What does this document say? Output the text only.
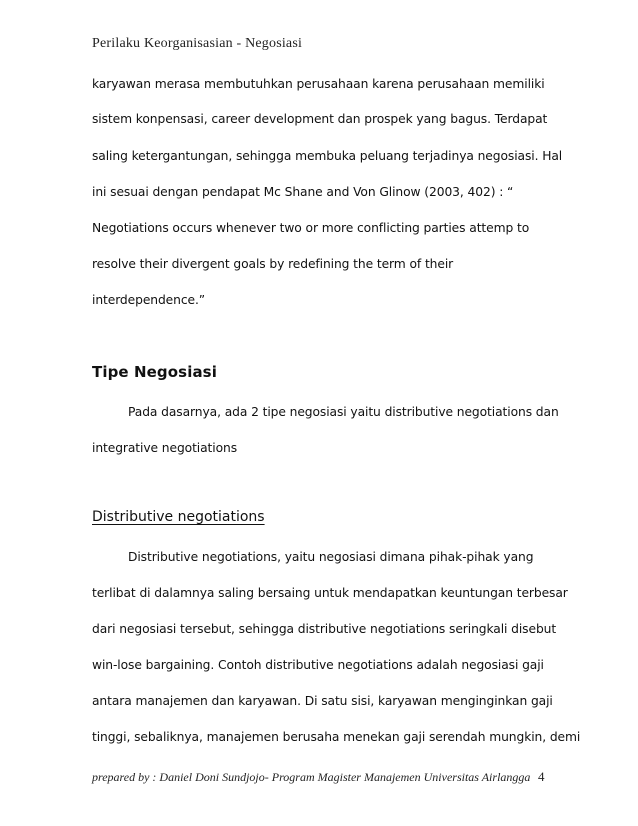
Perilaku Keorganisasian - Negosiasi
karyawan merasa membutuhkan perusahaan karena perusahaan memiliki
sistem konpensasi, career development dan prospek yang bagus. Terdapat
saling ketergantungan, sehingga membuka peluang terjadinya negosiasi. Hal
ini sesuai dengan pendapat Mc Shane and Von Glinow (2003, 402) : “
Negotiations occurs whenever two or more conflicting parties attemp to
resolve their divergent goals by redefining the term of their
interdependence.”
Tipe Negosiasi
Pada dasarnya, ada 2 tipe negosiasi yaitu distributive negotiations dan
integrative negotiations
Distributive negotiations
Distributive negotiations, yaitu negosiasi dimana pihak-pihak yang
terlibat di dalamnya saling bersaing untuk mendapatkan keuntungan terbesar
dari negosiasi tersebut, sehingga distributive negotiations seringkali disebut
win-lose bargaining. Contoh distributive negotiations adalah negosiasi gaji
antara manajemen dan karyawan. Di satu sisi, karyawan menginginkan gaji
tinggi, sebaliknya, manajemen berusaha menekan gaji serendah mungkin, demi
prepared by : Daniel Doni Sundjojo- Program Magister Manajemen Universitas Airlangga 4
